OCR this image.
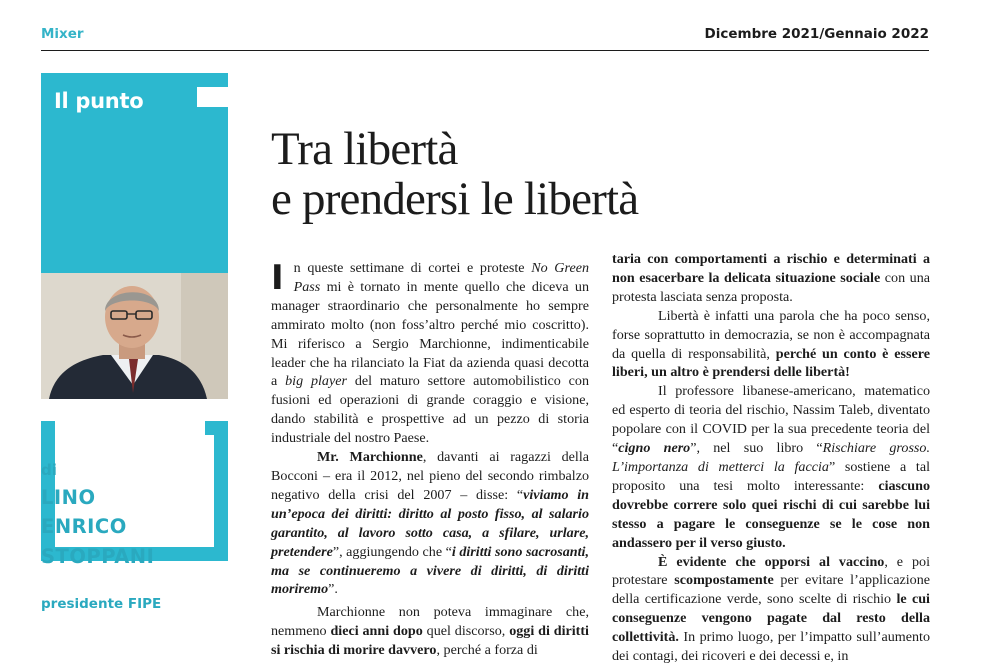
Mixer	Dicembre 2021/Gennaio 2022
Il punto
di
LINO
ENRICO
STOPPANI
presidente FIPE
Tra libertà
e prendersi le libertà

I n queste settimane di cortei e proteste No Green Pass mi è tornato in mente quello che diceva un manager straordinario che personalmente ho sempre ammirato molto (non foss’altro perché mio coscritto). Mi riferisco a Sergio Marchionne, indimenticabile leader che ha rilanciato la Fiat da azienda quasi decotta a big player del maturo settore automobilistico con fusioni ed operazioni di grande coraggio e visione, dando stabilità e prospettive ad un pezzo di storia industriale del nostro Paese.

Mr. Marchionne, davanti ai ragazzi della Bocconi – era il 2012, nel pieno del secondo rimbalzo negativo della crisi del 2007 – disse: “viviamo in un’epoca dei diritti: diritto al posto fisso, al salario garantito, al lavoro sotto casa, a sfilare, urlare, pretendere”, aggiungendo che “i diritti sono sacrosanti, ma se continueremo a vivere di diritti, di diritti moriremo”.

Marchionne non poteva immaginare che, nemmeno dieci anni dopo quel discorso, oggi di diritti si rischia di morire davvero, perché a forza di

taria con comportamenti a rischio e determinati a non esacerbare la delicata situazione sociale con una protesta lasciata senza proposta.

Libertà è infatti una parola che ha poco senso, forse soprattutto in democrazia, se non è accompagnata da quella di responsabilità, perché un conto è essere liberi, un altro è prendersi delle libertà!

Il professore libanese-americano, matematico ed esperto di teoria del rischio, Nassim Taleb, diventato popolare con il COVID per la sua precedente teoria del “cigno nero”, nel suo libro “Rischiare grosso. L’importanza di metterci la faccia” sostiene a tal proposito una tesi molto interessante: ciascuno dovrebbe correre solo quei rischi di cui sarebbe lui stesso a pagare le conseguenze se le cose non andassero per il verso giusto.

È evidente che opporsi al vaccino, e poi protestare scompostamente per evitare l’applicazione della certificazione verde, sono scelte di rischio le cui conseguenze vengono pagate dal resto della collettività. In primo luogo, per l’impatto sull’aumento dei contagi, dei ricoveri e dei decessi e, in
